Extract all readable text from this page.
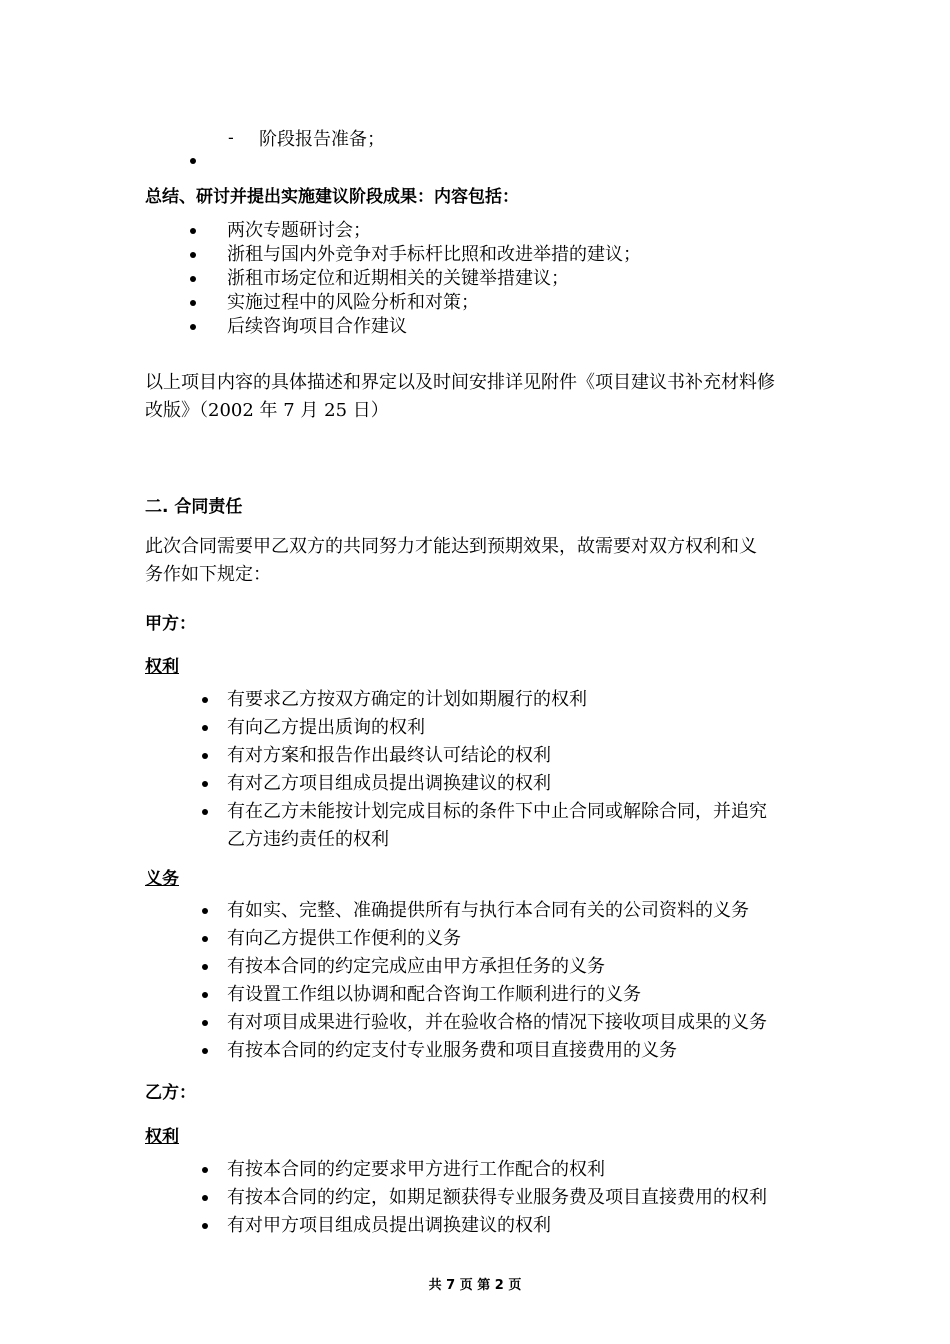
- 阶段报告准备；
总结、研讨并提出实施建议阶段成果：内容包括：
两次专题研讨会；
浙租与国内外竞争对手标杆比照和改进举措的建议；
浙租市场定位和近期相关的关键举措建议；
实施过程中的风险分析和对策；
后续咨询项目合作建议
以上项目内容的具体描述和界定以及时间安排详见附件《项目建议书补充材料修
改版》（2002 年 7 月 25 日）
二. 合同责任
此次合同需要甲乙双方的共同努力才能达到预期效果，故需要对双方权利和义
务作如下规定：
甲方：
权利
有要求乙方按双方确定的计划如期履行的权利
有向乙方提出质询的权利
有对方案和报告作出最终认可结论的权利
有对乙方项目组成员提出调换建议的权利
有在乙方未能按计划完成目标的条件下中止合同或解除合同，并追究
乙方违约责任的权利
义务
有如实、完整、准确提供所有与执行本合同有关的公司资料的义务
有向乙方提供工作便利的义务
有按本合同的约定完成应由甲方承担任务的义务
有设置工作组以协调和配合咨询工作顺利进行的义务
有对项目成果进行验收，并在验收合格的情况下接收项目成果的义务
有按本合同的约定支付专业服务费和项目直接费用的义务
乙方：
权利
有按本合同的约定要求甲方进行工作配合的权利
有按本合同的约定，如期足额获得专业服务费及项目直接费用的权利
有对甲方项目组成员提出调换建议的权利
共 7 页 第 2 页
